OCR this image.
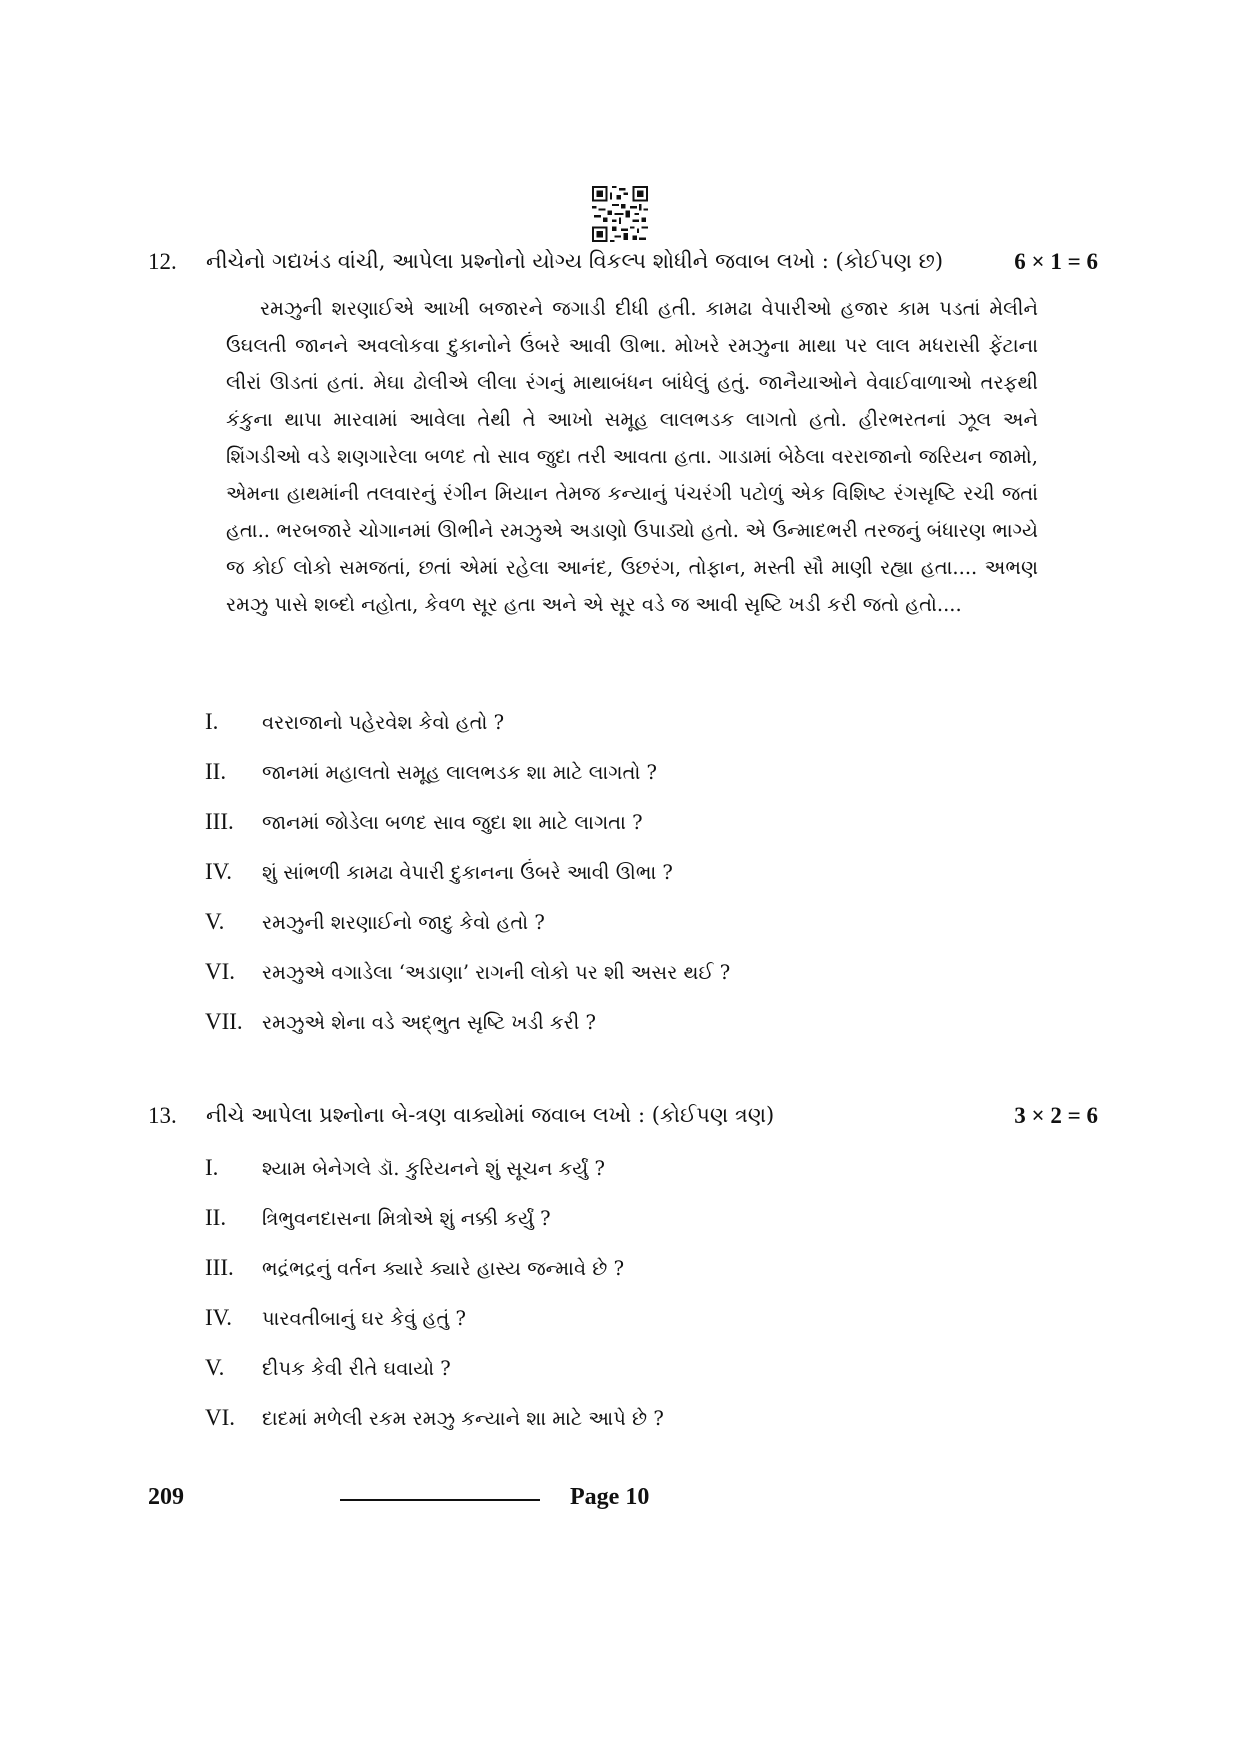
12. નીચેનો ગદ્યખંડ વાંચી, આપેલા પ્રશ્નોનો યોગ્ય વિકલ્પ શોધીને જવાબ લખો : (કોઈપણ છ)	6 × 1 = 6
રમઝુની શરણાઈએ આખી બજારને જગાડી દીધી હતી. કામઢા વેપારીઓ હજાર કામ પડતાં મેલીને ઉઘલતી જાનને અવલોકવા દુકાનોને ઉંબરે આવી ઊભા. મોખરે રમઝુના માથા પર લાલ મધરાસી ફેંટાના લીરાં ઊડતાં હતાં. મેઘા ઢોલીએ લીલા રંગનું માથાબંધન બાંધેલું હતું. જાનૈયાઓને વેવાઈવાળાઓ તરફથી કંકુના થાપા મારવામાં આવેલા તેથી તે આખો સમૂહ લાલભડક લાગતો હતો. હીરભરતનાં ઝૂલ અને શિંગડીઓ વડે શણગારેલા બળદ તો સાવ જુદા તરી આવતા હતા. ગાડામાં બેઠેલા વરરાજાનો જરિયન જામો, એમના હાથમાંની તલવારનું રંગીન મિયાન તેમજ કન્યાનું પંચરંગી પટોળું એક વિશિષ્ટ રંગસૃષ્ટિ રચી જતાં હતા.. ભરબજારે ચોગાનમાં ઊભીને રમઝુએ અડાણો ઉપાડ્યો હતો. એ ઉન્માદભરી તરજનું બંધારણ ભાગ્યે જ કોઈ લોકો સમજતાં, છતાં એમાં રહેલા આનંદ, ઉછરંગ, તોફાન, મસ્તી સૌ માણી રહ્યા હતા.... અભણ રમઝુ પાસે શબ્દો નહોતા, કેવળ સૂર હતા અને એ સૂર વડે જ આવી સૃષ્ટિ ખડી કરી જતો હતો....
I. વરરાજાનો પહેરવેશ કેવો હતો ?
II. જાનમાં મહાલતો સમૂહ લાલભડક શા માટે લાગતો ?
III. જાનમાં જોડેલા બળદ સાવ જુદા શા માટે લાગતા ?
IV. શું સાંભળી કામઢા વેપારી દુકાનના ઉંબરે આવી ઊભા ?
V. રમઝુની શરણાઈનો જાદુ કેવો હતો ?
VI. રમઝુએ વગાડેલા ‘અડાણા’ રાગની લોકો પર શી અસર થઈ ?
VII. રમઝુએ શેના વડે અદ્ભુત સૃષ્ટિ ખડી કરી ?
13. નીચે આપેલા પ્રશ્નોના બે-ત્રણ વાક્યોમાં જવાબ લખો : (કોઈપણ ત્રણ)	3 × 2 = 6
I. શ્યામ બેનેગલે ડૉ. કુરિયનને શું સૂચન કર્યું ?
II. ત્રિભુવનદાસના મિત્રોએ શું નક્કી કર્યું ?
III. ભદ્રંભદ્રનું વર્તન ક્યારે ક્યારે હાસ્ય જન્માવે છે ?
IV. પારવતીબાનું ઘર કેવું હતું ?
V. દીપક કેવી રીતે ઘવાયો ?
VI. દાદમાં મળેલી રકમ રમઝુ કન્યાને શા માટે આપે છે ?
209	Page 10
